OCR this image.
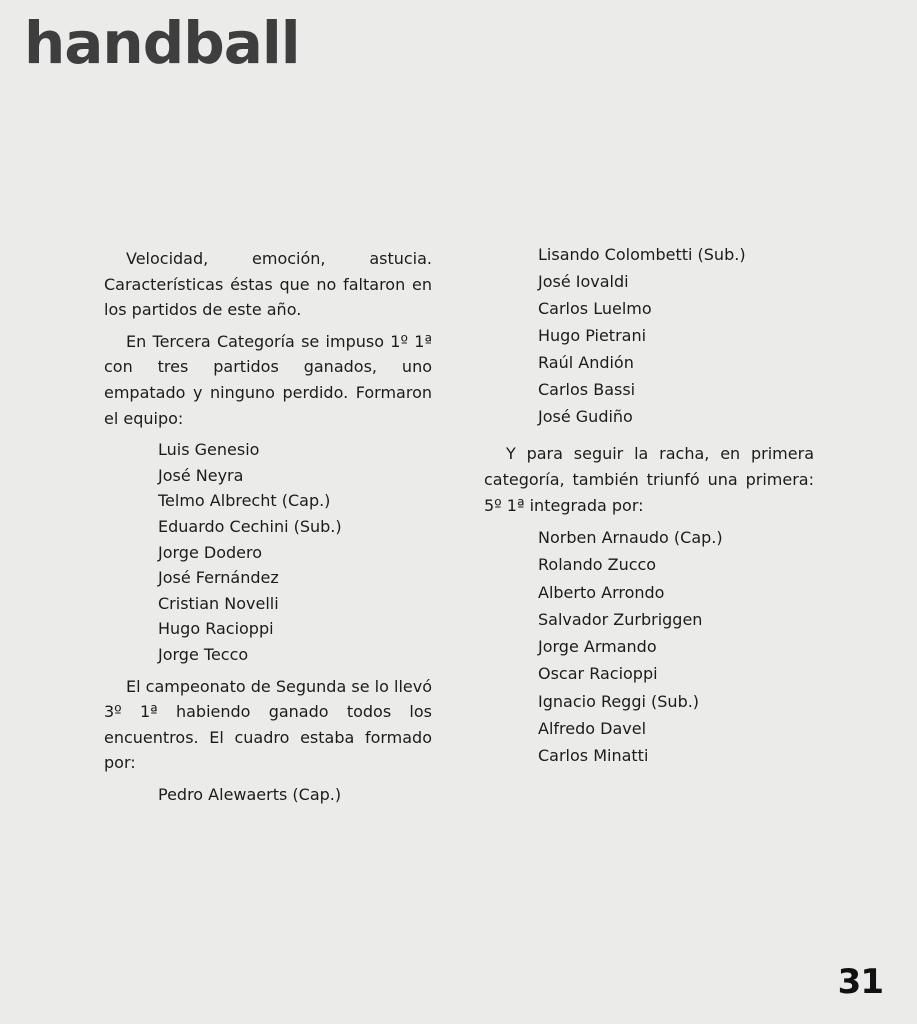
handball

Velocidad, emoción, astucia. Características éstas que no faltaron en los partidos de este año.

En Tercera Categoría se impuso 1º 1ª con tres partidos ganados, uno empatado y ninguno perdido. Formaron el equipo:

Luis Genesio
José Neyra
Telmo Albrecht (Cap.)
Eduardo Cechini (Sub.)
Jorge Dodero
José Fernández
Cristian Novelli
Hugo Racioppi
Jorge Tecco

El campeonato de Segunda se lo llevó 3º 1ª habiendo ganado todos los encuentros. El cuadro estaba formado por:

Pedro Alewaerts (Cap.)
Lisando Colombetti (Sub.)
José Iovaldi
Carlos Luelmo
Hugo Pietrani
Raúl Andión
Carlos Bassi
José Gudiño

Y para seguir la racha, en primera categoría, también triunfó una primera: 5º 1ª integrada por:

Norben Arnaudo (Cap.)
Rolando Zucco
Alberto Arrondo
Salvador Zurbriggen
Jorge Armando
Oscar Racioppi
Ignacio Reggi (Sub.)
Alfredo Davel
Carlos Minatti
31
